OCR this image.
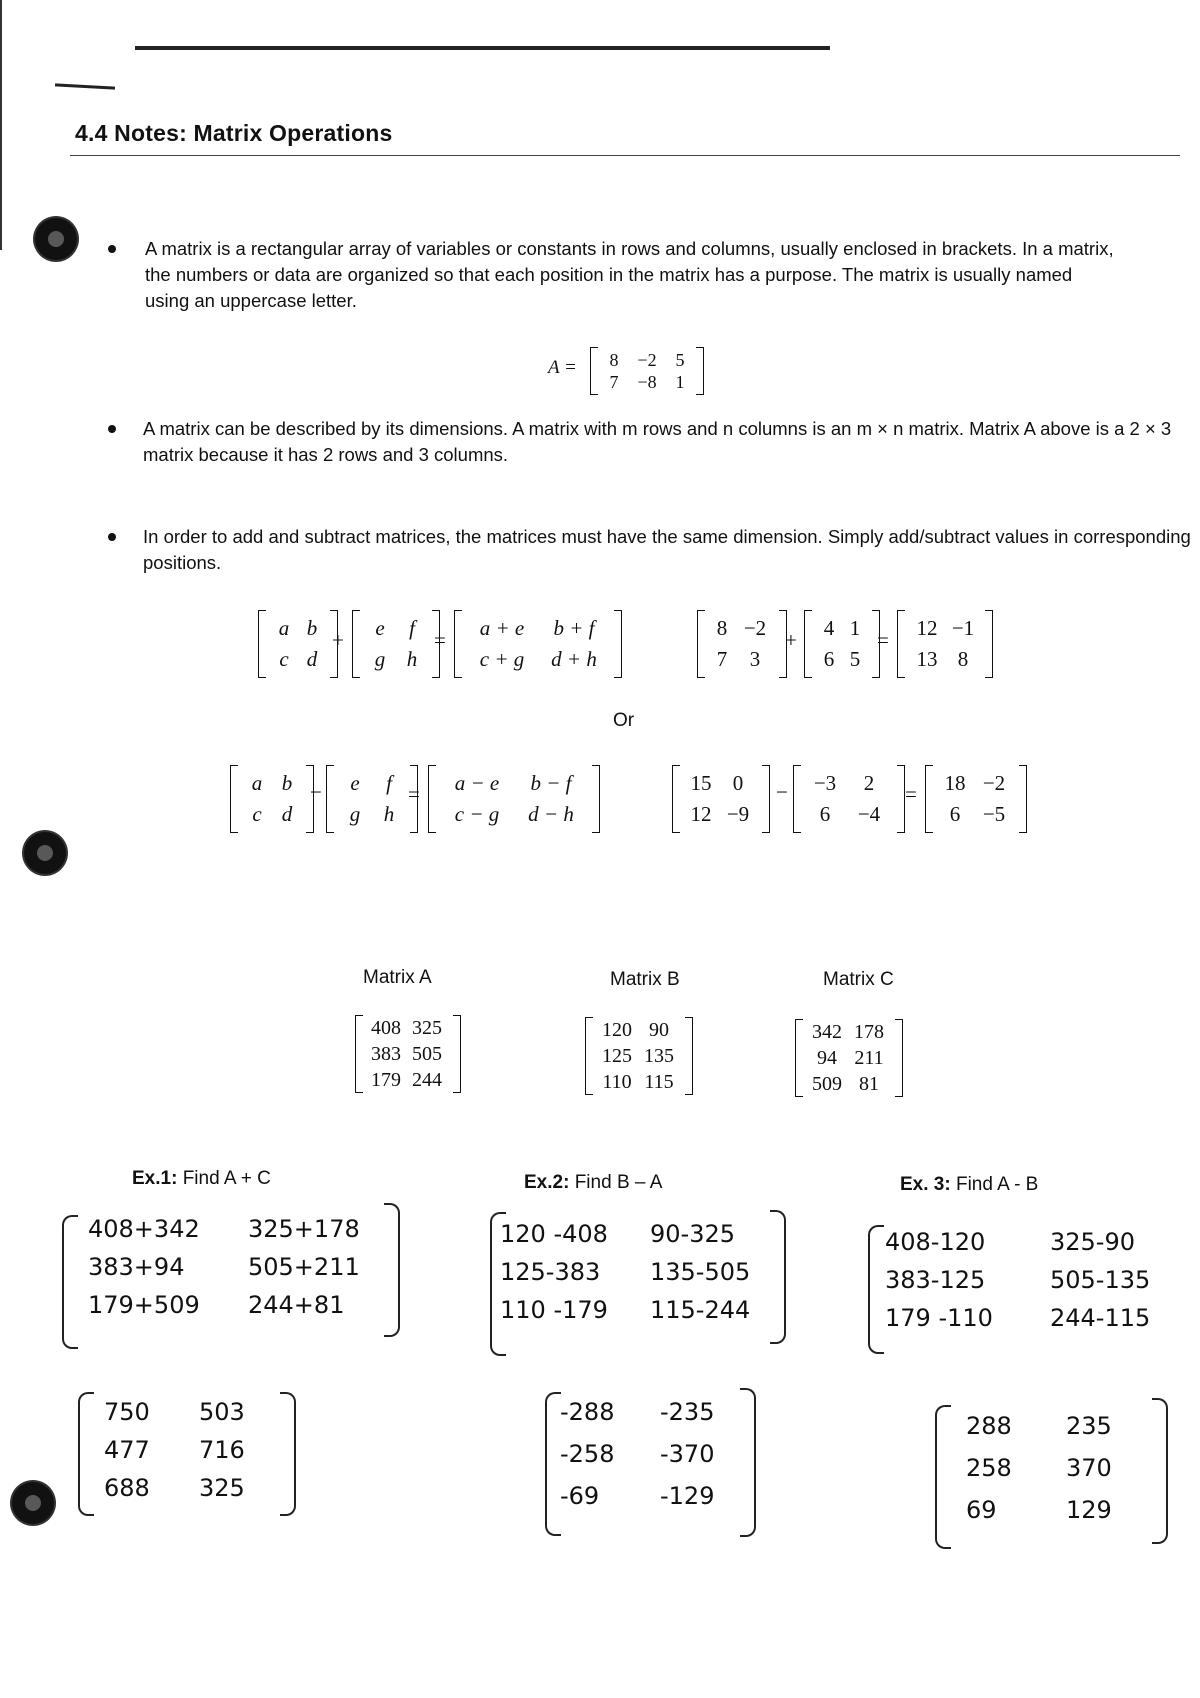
4.4 Notes: Matrix Operations
A matrix is a rectangular array of variables or constants in rows and columns, usually enclosed in brackets. In a matrix, the numbers or data are organized so that each position in the matrix has a purpose. The matrix is usually named using an uppercase letter.
A =	8	−2	5
7	−8	1
A matrix can be described by its dimensions. A matrix with m rows and n columns is an m × n matrix. Matrix A above is a 2 × 3 matrix because it has 2 rows and 3 columns.
In order to add and subtract matrices, the matrices must have the same dimension. Simply add/subtract values in corresponding positions.
a b
c d
+	e	f
g	h
=	a + e	b + f
c + g	d + h
8 −2
7	3
+	4 1
6 5
=	12 −1
13 8
Or
a b
c d
−	e	f
g	h
=	a − e	b − f
c − g	d − h
15	0
12 −9
−	−3	2
6	−4
=	18 −2
6	−5
Matrix A	Matrix B	Matrix C
408 325
383 505
179 244
120 90
125 135
110 115
342 178
94 211
509 81
Ex.1: Find A + C	Ex.2: Find B – A	Ex. 3: Find A - B
408+342	325+178
383+94	505+211
179+509	244+81
750	503
477	716
688	325
120 -408	90-325
125-383	135-505
110 -179	115-244
-288	-235
-258	-370
-69	-129
408-120	325-90
383-125	505-135
179 -110	244-115
288	235
258	370
69	129
